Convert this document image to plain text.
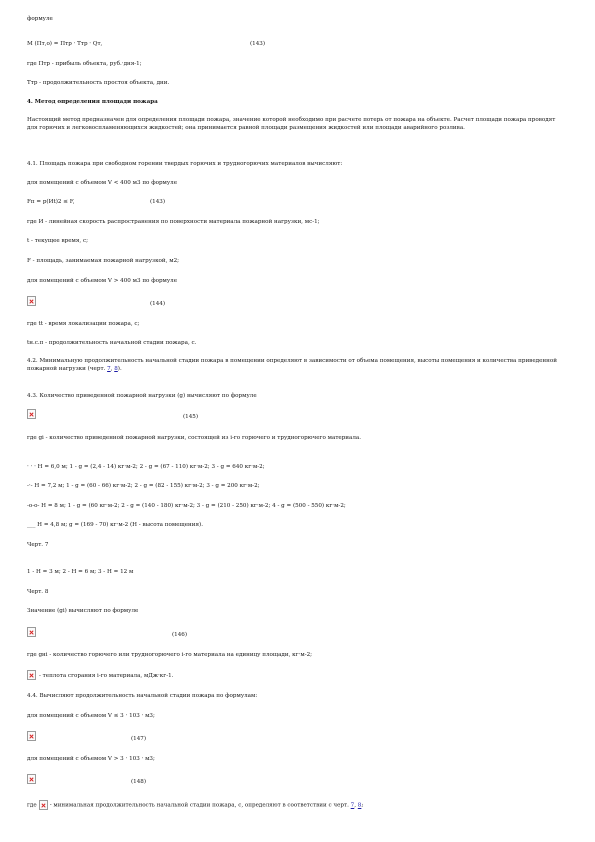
формуле
M (Пт,о) = Птр · Ттр · Qт,	(143)
где Птр - прибыль объекта, руб.·дня-1;
Ттр - продолжительность простоя объекта, дни.
4. Метод определения площади пожара
Настоящий метод предназначен для определения площади пожара, значение которой необходимо при расчете потерь от пожара на объекте. Расчет площади пожара проводят для горючих и легковоспламеняющихся жидкостей; она принимается равной площади размещения жидкостей или площади аварийного розлива.
4.1. Площадь пожара при свободном горении твердых горючих и трудногорючих материалов вычисляют:
для помещений с объемом V < 400 м3 по формуле
Fп = p(Иt)2 ≤ F,	(143)
где И - линейная скорость распространения по поверхности материала пожарной нагрузки, мс-1;
t - текущее время, с;
F - площадь, занимаемая пожарной нагрузкой, м2;
для помещений с объемом V > 400 м3 по формуле
(144)
где tt - время локализации пожара, с;
tн.с.п - продолжительность начальной стадии пожара, с.
4.2. Минимальную продолжительность начальной стадии пожара в помещении определяют в зависимости от объема помещения, высоты помещения и количества приведенной пожарной нагрузки (черт. 7, 8).
4.3. Количество приведенной пожарной нагрузки (g) вычисляют по формуле
(145)
где gi - количество приведенной пожарной нагрузки, состоящей из i-го горючего и трудногорючего материала.
· · · H = 6,0 м; 1 - g = (2,4 - 14) кг·м-2; 2 - g = (67 - 110) кг·м-2; 3 - g = 640 кг·м-2;
-·- H = 7,2 м; 1 - g = (60 - 66) кг·м-2; 2 - g = (82 - 155) кг·м-2; 3 - g = 200 кг·м-2;
-o-o- H = 8 м; 1 - g = (60 кг·м-2; 2 - g = (140 - 180) кг·м-2; 3 - g = (210 - 250) кг·м-2; 4 - g = (500 - 550) кг·м-2;
___ H = 4,8 м; g = (169 - 70) кг·м-2 (H - высота помещения).
Черт. 7
1 - H = 3 м; 2 - H = 6 м; 3 - H = 12 м
Черт. 8
Значение (gi) вычисляют по формуле
(146)
где gні - количество горючего или трудногорючего i-го материала на единицу площади, кг·м-2;
- теплота сгорания i-го материала, мДж·кг-1.
4.4. Вычисляют продолжительность начальной стадии пожара по формулам:
для помещений с объемом V ≤ 3 · 103 · м3;
(147)
для помещений с объемом V > 3 · 103 · м3;
(148)
где - минимальная продолжительность начальной стадии пожара, с, определяют в соответствии с черт. 7, 8;
